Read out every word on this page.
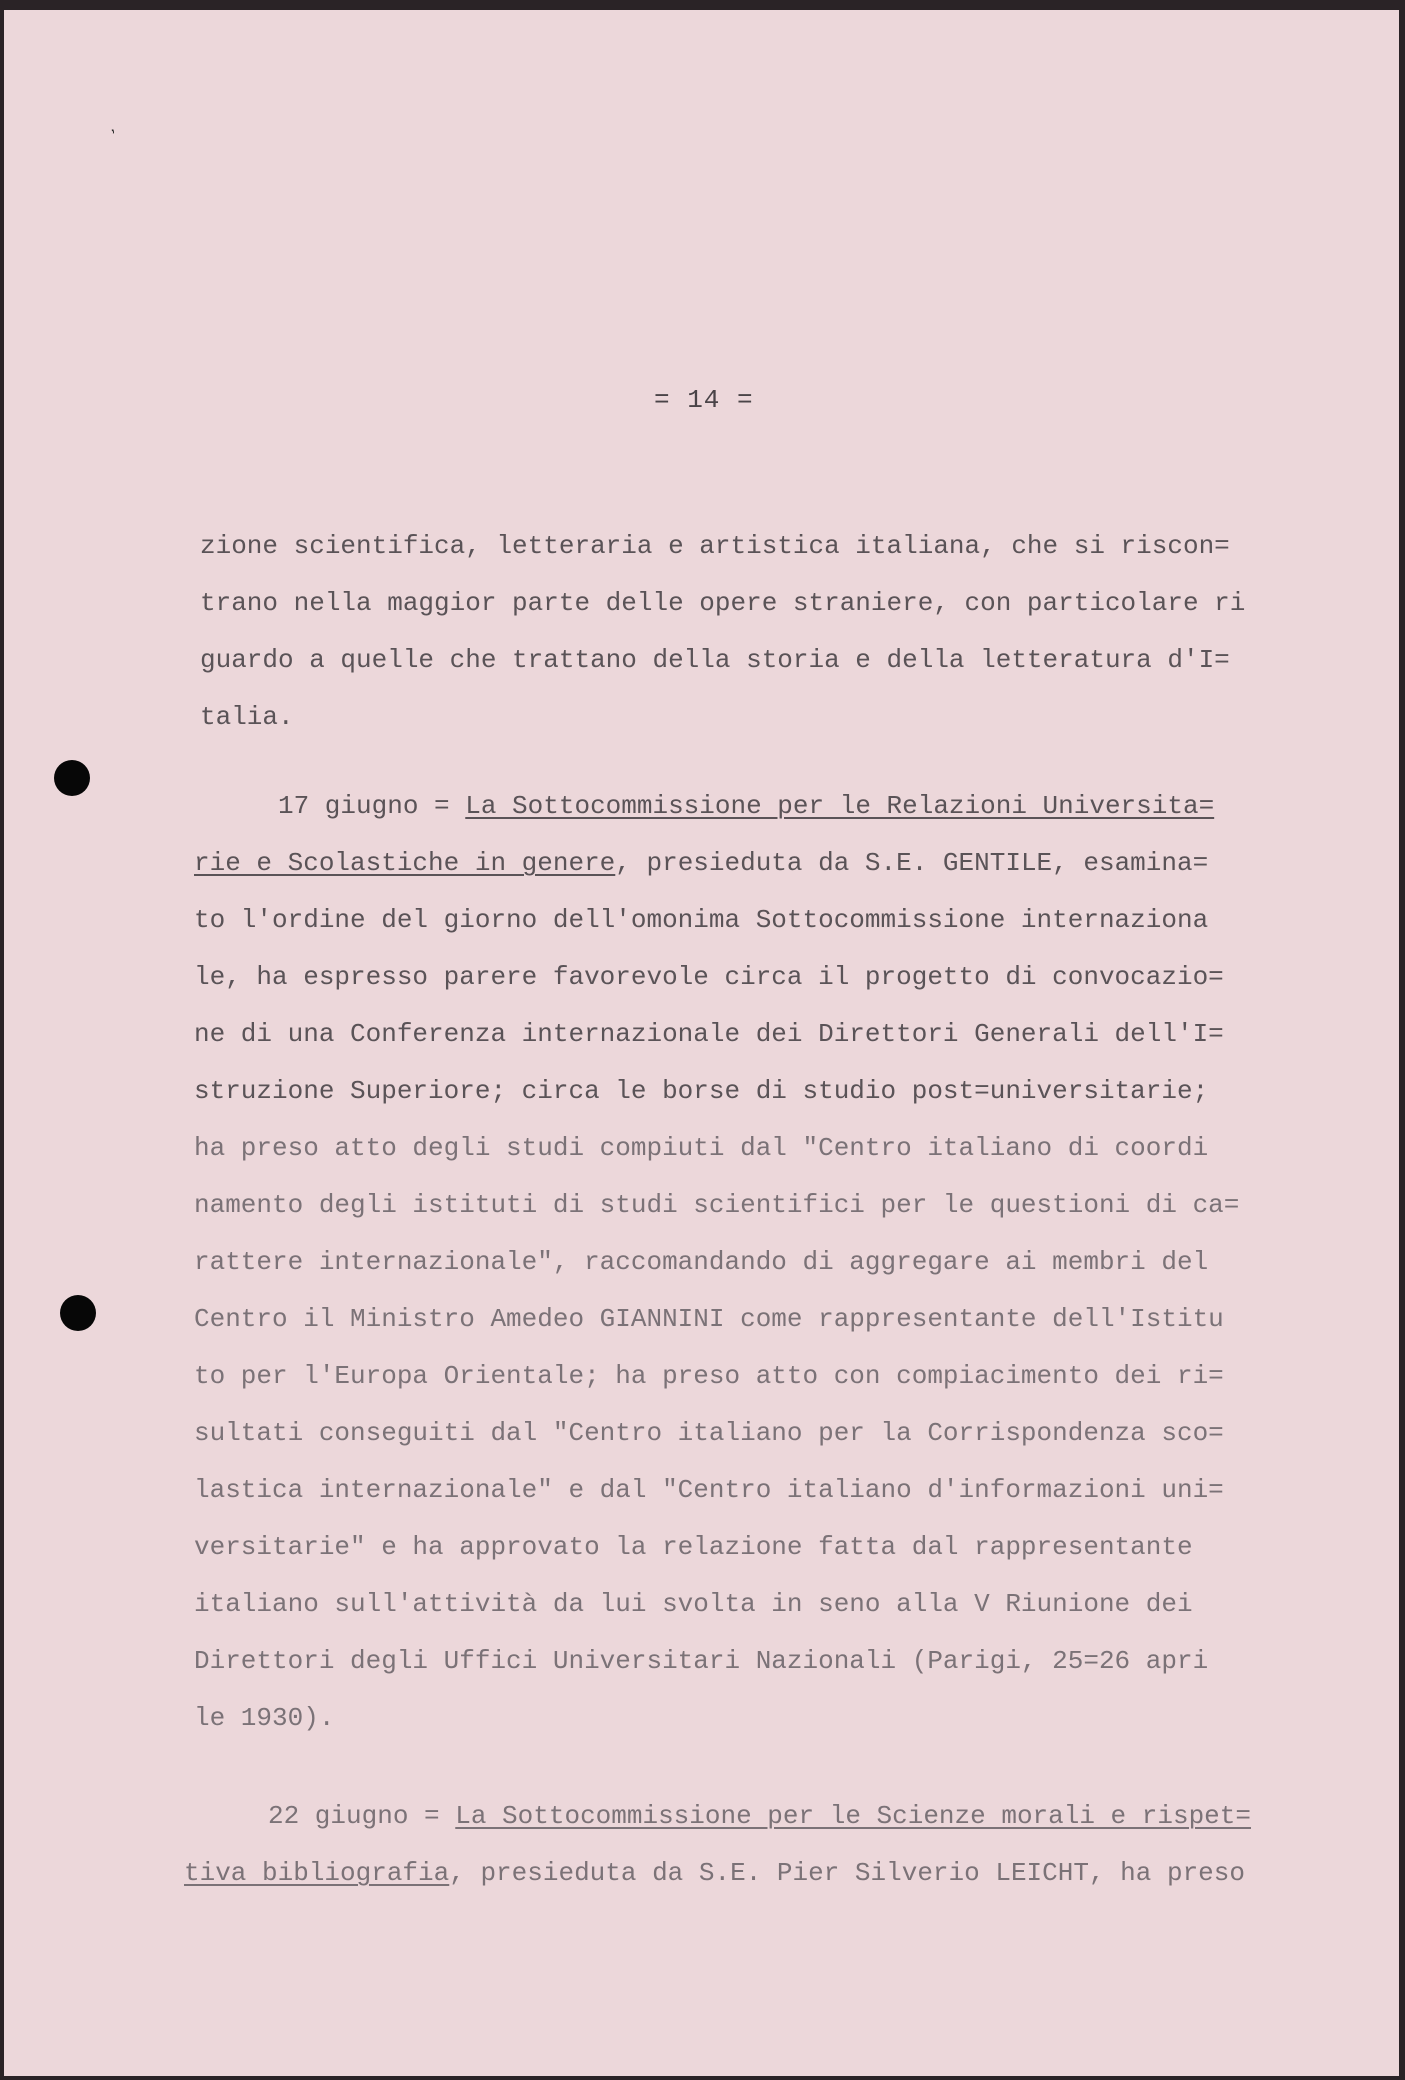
ʼ
= 14 =
zione scientifica, letteraria e artistica italiana, che si riscon=
trano nella maggior parte delle opere straniere, con particolare ri
guardo a quelle che trattano della storia e della letteratura d'I=
talia.
17 giugno = La Sottocommissione per le Relazioni Universita=
rie e Scolastiche in genere, presieduta da S.E. GENTILE, esamina=
to l'ordine del giorno dell'omonima Sottocommissione internaziona
le, ha espresso parere favorevole circa il progetto di convocazio=
ne di una Conferenza internazionale dei Direttori Generali dell'I=
struzione Superiore; circa le borse di studio post=universitarie;
ha preso atto degli studi compiuti dal "Centro italiano di coordi
namento degli istituti di studi scientifici per le questioni di ca=
rattere internazionale", raccomandando di aggregare ai membri del
Centro il Ministro Amedeo GIANNINI come rappresentante dell'Istitu
to per l'Europa Orientale; ha preso atto con compiacimento dei ri=
sultati conseguiti dal "Centro italiano per la Corrispondenza sco=
lastica internazionale" e dal "Centro italiano d'informazioni uni=
versitarie" e ha approvato la relazione fatta dal rappresentante
italiano sull'attività da lui svolta in seno alla V Riunione dei
Direttori degli Uffici Universitari Nazionali (Parigi, 25=26 apri
le 1930).
22 giugno = La Sottocommissione per le Scienze morali e rispet=
tiva bibliografia, presieduta da S.E. Pier Silverio LEICHT, ha preso
